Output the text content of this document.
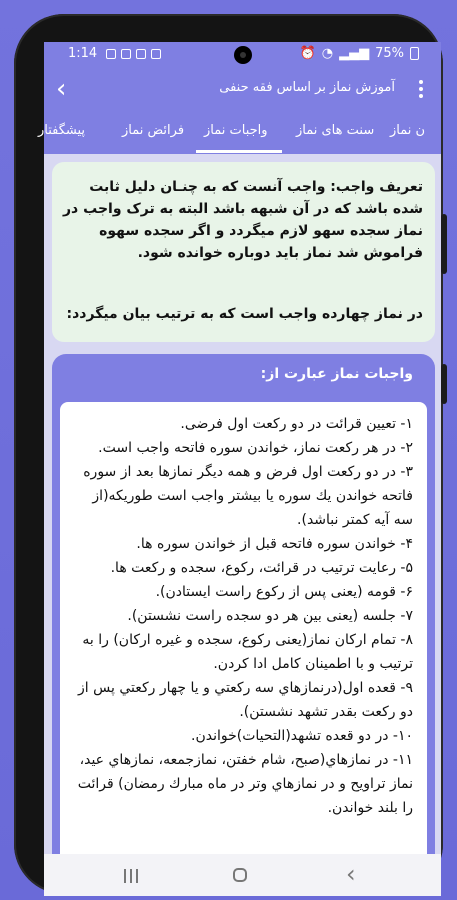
1:14	⏰ ◔ ▂▄▆ 75%
‹	آموزش نماز بر اساس فقه حنفی
پیشگفتار	فرائض نماز واجبات نماز سنت های نماز ن نماز
تعریف واجب: واجب آنست که به چنـان دلیل ثابت شده باشد که در آن شبهه باشد البته به ترک واجب در نماز سجده سهو لازم میگردد و اگر سجده سهوه فراموش شد نماز باید دوباره خوانده شود.
در نماز چهارده واجب است که به ترتیب بیان میگردد:
واجبات نماز عبارت از:

۱- تعیین قرائت در دو رکعت اول فرضی.

۲- در هر رکعت نماز، خواندن سوره فاتحه واجب است.

۳- در دو رکعت اول فرض و همه دیگر نمازها بعد از سوره فاتحه خواندن یك سوره یا بیشتر واجب است طوریکه(از سه آیه کمتر نباشد).

۴- خواندن سوره فاتحه قبل از خواندن سوره ها.

۵- رعایت ترتیب در قرائت، رکوع، سجده و رکعت ها.

۶- قومه (یعنی پس از رکوع راست ایستادن).

۷- جلسه (یعنی بین هر دو سجده راست نشستن).

۸- تمام ارکان نماز(یعنی رکوع، سجده و غیره ارکان) را به ترتیب و با اطمینان کامل ادا کردن.

۹- قعده اول(درنمازهاي سه رکعتي و يا چهار رکعتي پس از دو رکعت بقدر تشهد نشستن).

۱۰- در دو قعده تشهد(التحيات)خواندن.

۱۱- در نمازهاي(صبح، شام خفتن، نمازجمعه، نمازهاي عيد، نماز تراويح و در نمازهاي وتر در ماه مبارك رمضان) قرائت را بلند خواندن.

‹
